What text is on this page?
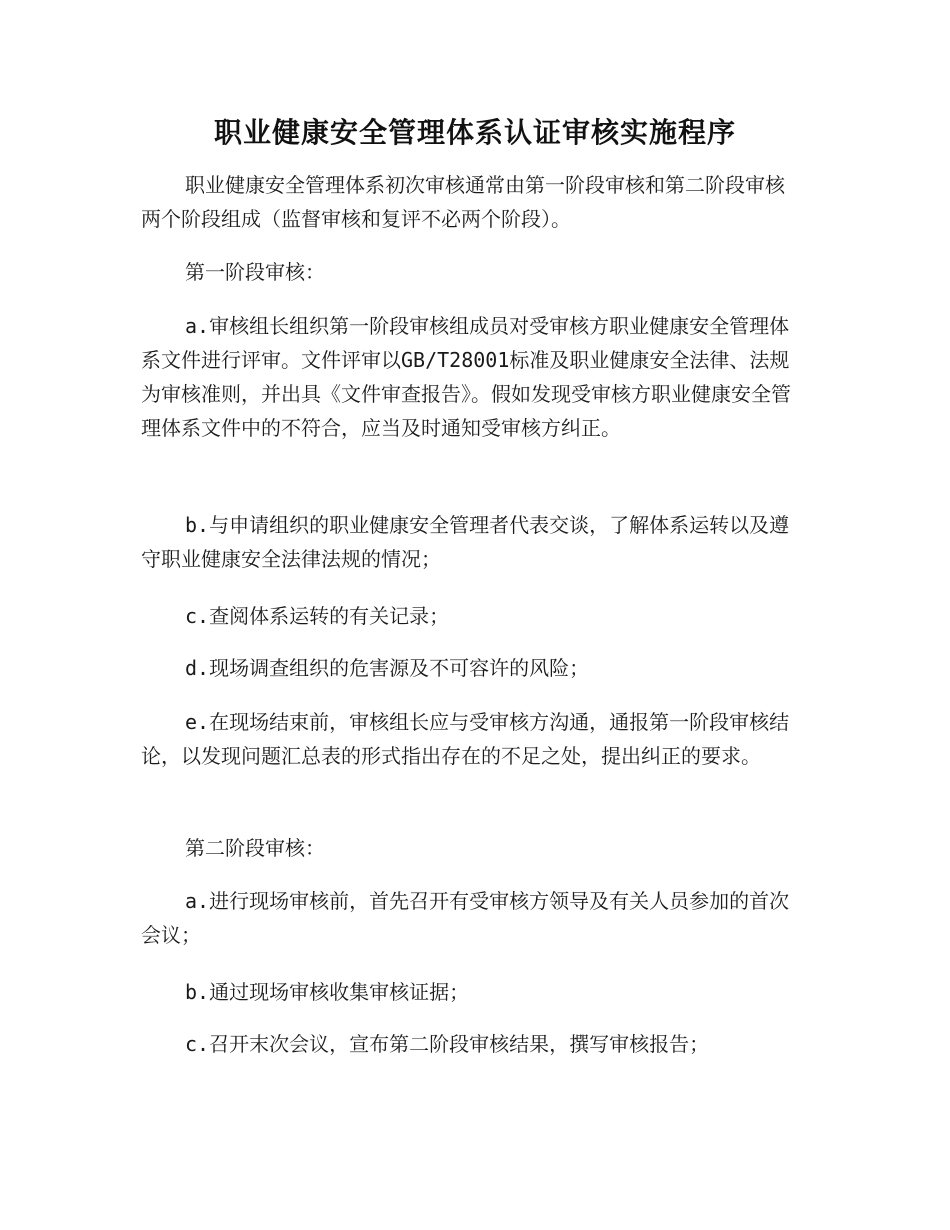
职业健康安全管理体系认证审核实施程序

职业健康安全管理体系初次审核通常由第一阶段审核和第二阶段审核两个阶段组成（监督审核和复评不必两个阶段）。

第一阶段审核：

a.审核组长组织第一阶段审核组成员对受审核方职业健康安全管理体系文件进行评审。文件评审以GB/T28001标准及职业健康安全法律、法规为审核准则，并出具《文件审查报告》。假如发现受审核方职业健康安全管理体系文件中的不符合，应当及时通知受审核方纠正。

b.与申请组织的职业健康安全管理者代表交谈，了解体系运转以及遵守职业健康安全法律法规的情况；

c.查阅体系运转的有关记录；

d.现场调查组织的危害源及不可容许的风险；

e.在现场结束前，审核组长应与受审核方沟通，通报第一阶段审核结论，以发现问题汇总表的形式指出存在的不足之处，提出纠正的要求。

第二阶段审核：

a.进行现场审核前，首先召开有受审核方领导及有关人员参加的首次会议；

b.通过现场审核收集审核证据；

c.召开末次会议，宣布第二阶段审核结果，撰写审核报告；
